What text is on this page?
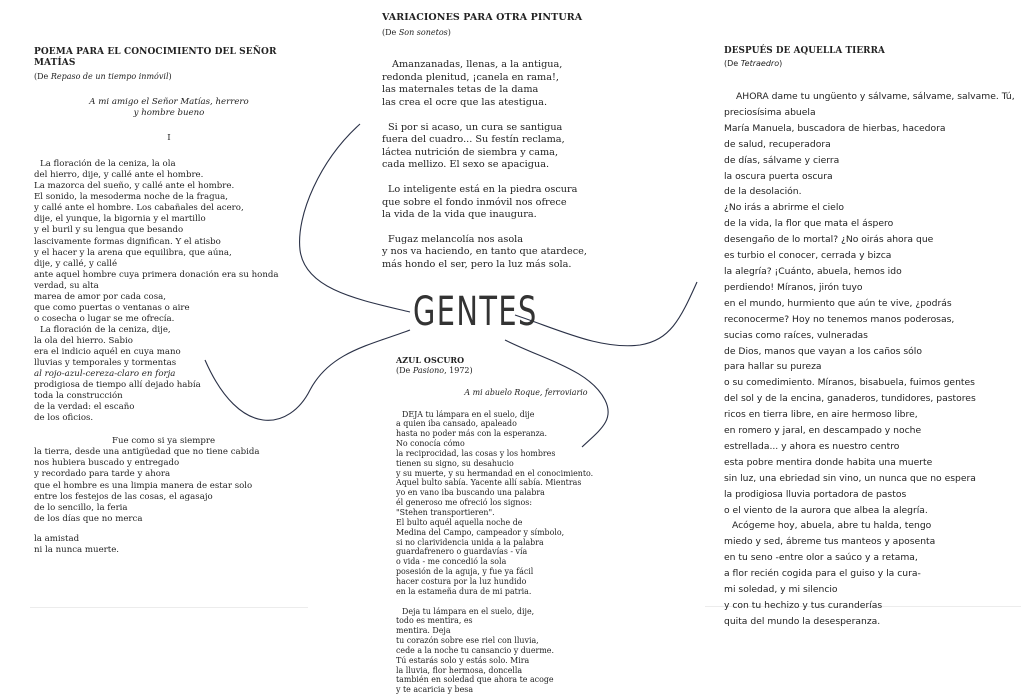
POEMA PARA EL CONOCIMIENTO DEL SEÑOR MATÍAS

(De Repaso de un tiempo inmóvil)

A mi amigo el Señor Matías, herrero
y hombre bueno
I
La floración de la ceniza, la ola
del hierro, dije, y callé ante el hombre.
La mazorca del sueño, y callé ante el hombre.
El sonido, la mesoderma noche de la fragua,
y callé ante el hombre. Los cabañales del acero,
dije, el yunque, la bigornia y el martillo
y el buril y su lengua que besando
lascivamente formas dignifican. Y el atisbo
y el hacer y la arena que equilibra, que aúna,
dije, y callé, y callé
ante aquel hombre cuya primera donación era su honda
verdad, su alta
marea de amor por cada cosa,
que como puertas o ventanas o aire
o cosecha o lugar se me ofrecía.
La floración de la ceniza, dije,
la ola del hierro. Sabio
era el indicio aquél en cuya mano
lluvias y temporales y tormentas
al rojo-azul-cereza-claro en forja
prodigiosa de tiempo allí dejado había
toda la construcción
de la verdad: el escaño
de los oficios.
Fue como si ya siempre
la tierra, desde una antigüedad que no tiene cabida
nos hubiera buscado y entregado
y recordado para tarde y ahora
que el hombre es una limpia manera de estar solo
entre los festejos de las cosas, el agasajo
de lo sencillo, la feria
de los días que no merca
la amistad
ni la nunca muerte.

VARIACIONES PARA OTRA PINTURA

(De Son sonetos)

Amanzanadas, llenas, a la antigua,
redonda plenitud, ¡canela en rama!,
las maternales tetas de la dama
las crea el ocre que las atestigua.
Si por si acaso, un cura se santigua
fuera del cuadro... Su festín reclama,
láctea nutrición de siembra y cama,
cada mellizo. El sexo se apacigua.
Lo inteligente está en la piedra oscura
que sobre el fondo inmóvil nos ofrece
la vida de la vida que inaugura.
Fugaz melancolía nos asola
y nos va haciendo, en tanto que atardece,
más hondo el ser, pero la luz más sola.
GENTES

AZUL OSCURO

(De Pasiono, 1972)

A mi abuelo Roque, ferroviario
DEJA tu lámpara en el suelo, dije
a quien iba cansado, apaleado
hasta no poder más con la esperanza.
No conocía cómo
la reciprocidad, las cosas y los hombres
tienen su signo, su desahucio
y su muerte, y su hermandad en el conocimiento.
Aquel bulto sabía. Yacente allí sabía. Mientras
yo en vano iba buscando una palabra
él generoso me ofreció los signos:
"Stehen transportieren".
El bulto aquél aquella noche de
Medina del Campo, campeador y símbolo,
si no clarividencia unida a la palabra
guardafrenero o guardavías - vía
o vida - me concedió la sola
posesión de la aguja, y fue ya fácil
hacer costura por la luz hundido
en la estameña dura de mi patria.
Deja tu lámpara en el suelo, dije,
todo es mentira, es
mentira. Deja
tu corazón sobre ese riel con lluvia,
cede a la noche tu cansancio y duerme.
Tú estarás solo y estás solo. Mira
la lluvia, flor hermosa, doncella
también en soledad que ahora te acoge
y te acaricia y besa

DESPUÉS DE AQUELLA TIERRA

(De Tetraedro)

AHORA dame tu ungüento y sálvame, sálvame, salvame. Tú,
preciosísima abuela
María Manuela, buscadora de hierbas, hacedora
de salud, recuperadora
de días, sálvame y cierra
la oscura puerta oscura
de la desolación.
¿No irás a abrirme el cielo
de la vida, la flor que mata el áspero
desengaño de lo mortal? ¿No oirás ahora que
es turbio el conocer, cerrada y bizca
la alegría? ¡Cuánto, abuela, hemos ido
perdiendo! Míranos, jirón tuyo
en el mundo, hurmiento que aún te vive, ¿podrás
reconocerme? Hoy no tenemos manos poderosas,
sucias como raíces, vulneradas
de Dios, manos que vayan a los caños sólo
para hallar su pureza
o su comedimiento. Míranos, bisabuela, fuimos gentes
del sol y de la encina, ganaderos, tundidores, pastores
ricos en tierra libre, en aire hermoso libre,
en romero y jaral, en descampado y noche
estrellada... y ahora es nuestro centro
esta pobre mentira donde habita una muerte
sin luz, una ebriedad sin vino, un nunca que no espera
la prodigiosa lluvia portadora de pastos
o el viento de la aurora que albea la alegría.
Acógeme hoy, abuela, abre tu halda, tengo
miedo y sed, ábreme tus manteos y aposenta
en tu seno -entre olor a saúco y a retama,
a flor recién cogida para el guiso y la cura-
mi soledad, y mi silencio
y con tu hechizo y tus curanderías
quita del mundo la desesperanza.
